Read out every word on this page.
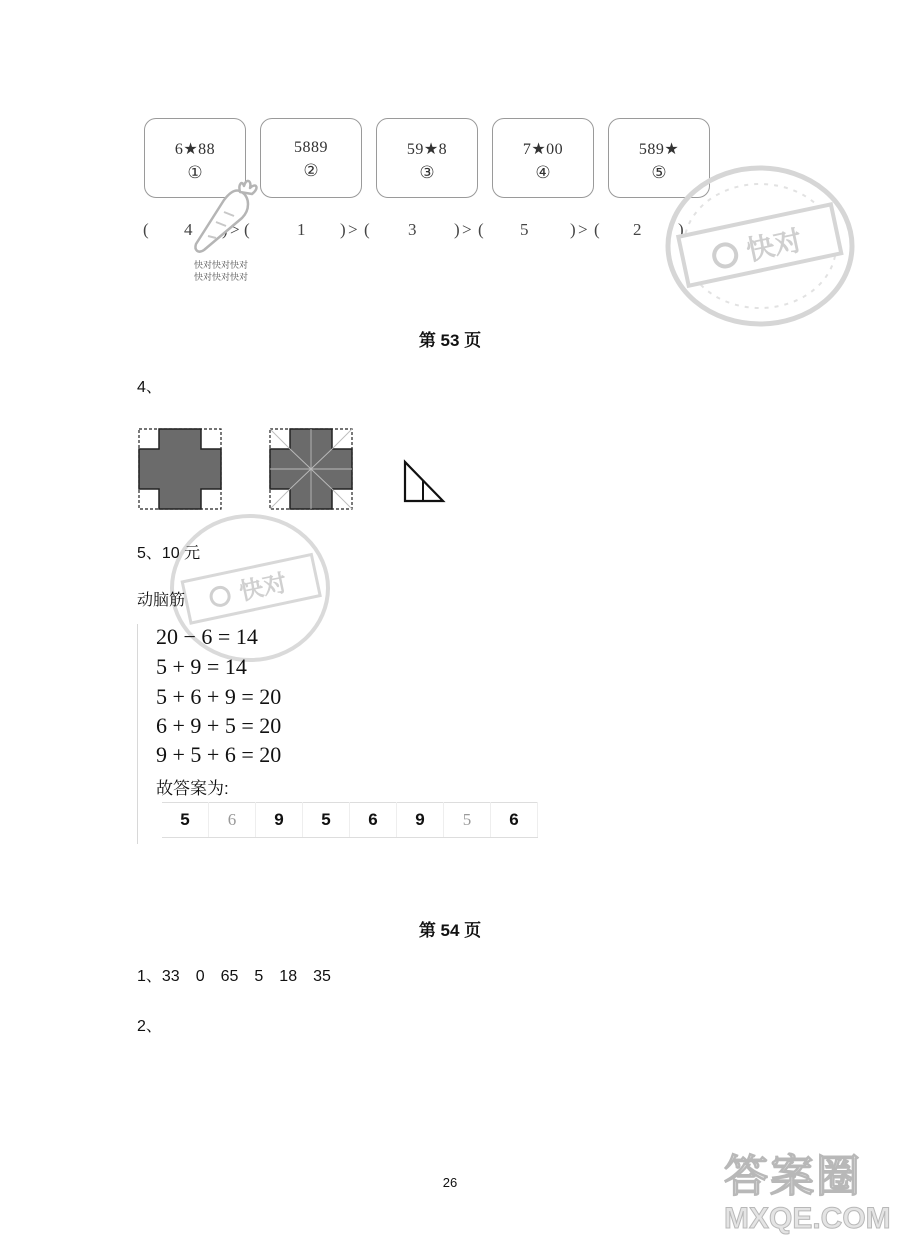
6★88
①
5889
②
59★8
③
7★00
④
589★
⑤
( 4 > (	1 ) > ( 3 ) > ( 5 ) > ( 2 )
快对快对快对
快对快对快对
快对
第 53 页
4、
快对
5、10 元
动脑筋
20 − 6 = 14
5 + 9 = 14
5 + 6 + 9 = 20
6 + 9 + 5 = 20
9 + 5 + 6 = 20
故答案为:
5	6	9	5	6	9	5	6
第 54 页
1、33　0　65　5　18　35
2、
26	答案圈
MXQE.COM
